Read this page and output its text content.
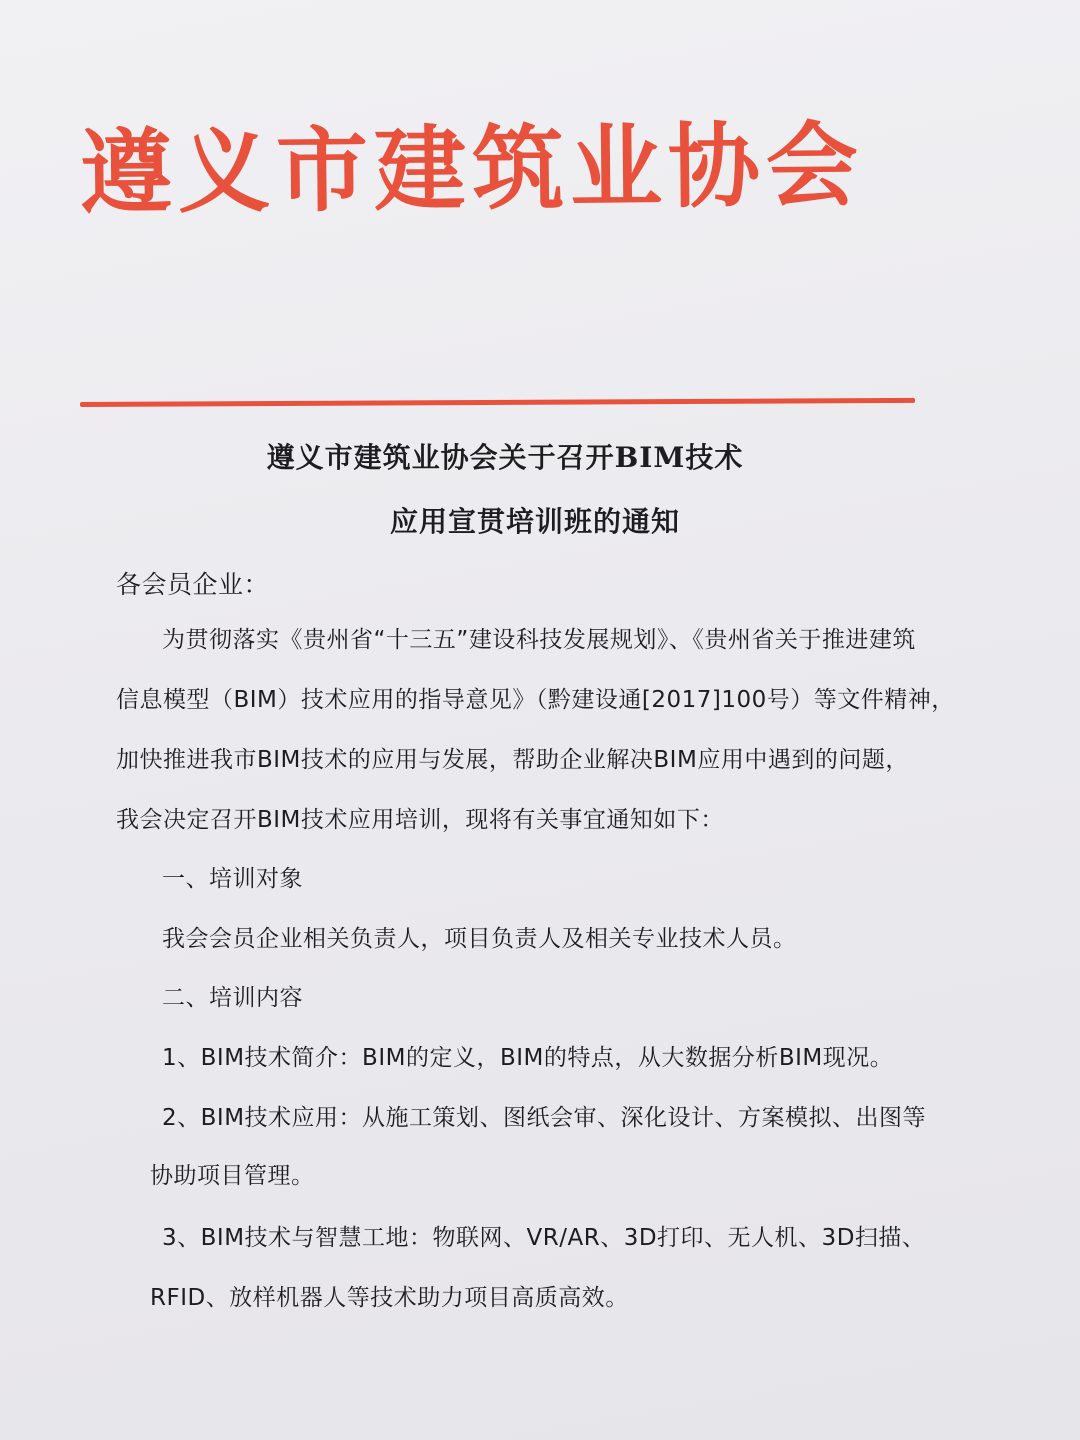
遵义市建筑业协会
遵义市建筑业协会关于召开BIM技术
应用宣贯培训班的通知
各会员企业：
为贯彻落实《贵州省“十三五”建设科技发展规划》、《贵州省关于推进建筑
信息模型（BIM）技术应用的指导意见》（黔建设通[2017]100号）等文件精神，
加快推进我市BIM技术的应用与发展，帮助企业解决BIM应用中遇到的问题，
我会决定召开BIM技术应用培训，现将有关事宜通知如下：
一、培训对象
我会会员企业相关负责人，项目负责人及相关专业技术人员。
二、培训内容
1、BIM技术简介：BIM的定义，BIM的特点，从大数据分析BIM现况。
2、BIM技术应用：从施工策划、图纸会审、深化设计、方案模拟、出图等
协助项目管理。
3、BIM技术与智慧工地：物联网、VR/AR、3D打印、无人机、3D扫描、
RFID、放样机器人等技术助力项目高质高效。
